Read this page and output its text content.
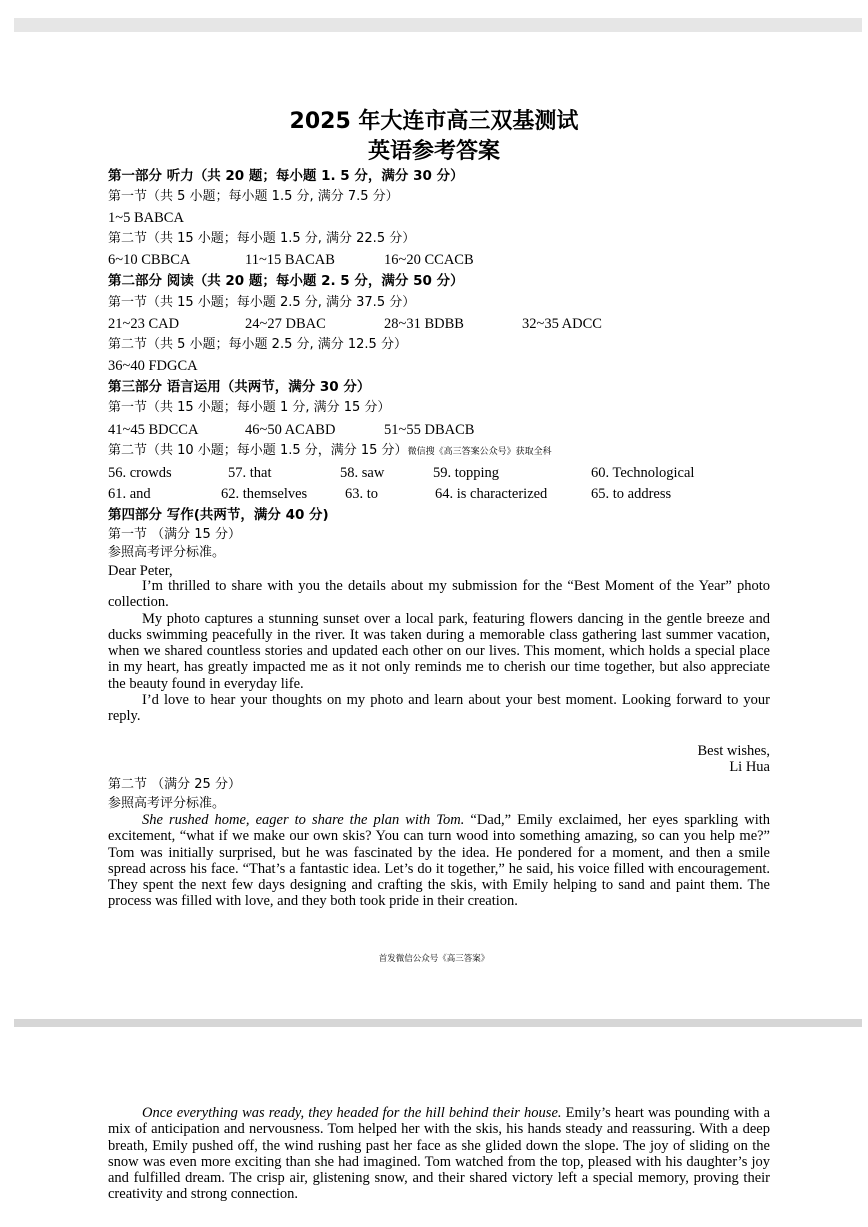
2025 年大连市高三双基测试
英语参考答案
第一部分 听力（共 20 题；每小题 1. 5 分，满分 30 分）
第一节（共 5 小题；每小题 1.5 分, 满分 7.5 分）
1~5 BABCA
第二节（共 15 小题；每小题 1.5 分, 满分 22.5 分）
6~10 CBBCA	11~15 BACAB	16~20 CCACB
第二部分 阅读（共 20 题；每小题 2. 5 分，满分 50 分）
第一节（共 15 小题；每小题 2.5 分, 满分 37.5 分）
21~23 CAD	24~27 DBAC	28~31 BDBB	32~35 ADCC
第二节（共 5 小题；每小题 2.5 分, 满分 12.5 分）
36~40 FDGCA
第三部分 语言运用（共两节，满分 30 分）
第一节（共 15 小题；每小题 1 分, 满分 15 分）
41~45 BDCCA	46~50 ACABD	51~55 DBACB
第二节（共 10 小题；每小题 1.5 分，满分 15 分）微信搜《高三答案公众号》获取全科
56. crowds	57. that	58. saw	59. topping	60. Technological
61. and	62. themselves	63. to	64. is characterized	65. to address
第四部分 写作(共两节，满分 40 分)
第一节 （满分 15 分）
参照高考评分标准。
Dear Peter,

I’m thrilled to share with you the details about my submission for the “Best Moment of the Year” photo collection.

My photo captures a stunning sunset over a local park, featuring flowers dancing in the gentle breeze and ducks swimming peacefully in the river. It was taken during a memorable class gathering last summer vacation, when we shared countless stories and updated each other on our lives. This moment, which holds a special place in my heart, has greatly impacted me as it not only reminds me to cherish our time together, but also appreciate the beauty found in everyday life.

I’d love to hear your thoughts on my photo and learn about your best moment. Looking forward to your reply.

Best wishes,
Li Hua
第二节 （满分 25 分）
参照高考评分标准。

She rushed home, eager to share the plan with Tom. “Dad,” Emily exclaimed, her eyes sparkling with excitement, “what if we make our own skis? You can turn wood into something amazing, so can you help me?” Tom was initially surprised, but he was fascinated by the idea. He pondered for a moment, and then a smile spread across his face. “That’s a fantastic idea. Let’s do it together,” he said, his voice filled with encouragement. They spent the next few days designing and crafting the skis, with Emily helping to sand and paint them. The process was filled with love, and they both took pride in their creation.

首发微信公众号《高三答案》

Once everything was ready, they headed for the hill behind their house. Emily’s heart was pounding with a mix of anticipation and nervousness. Tom helped her with the skis, his hands steady and reassuring. With a deep breath, Emily pushed off, the wind rushing past her face as she glided down the slope. The joy of sliding on the snow was even more exciting than she had imagined. Tom watched from the top, pleased with his daughter’s joy and fulfilled dream. The crisp air, glistening snow, and their shared victory left a special memory, proving their creativity and strong connection.
